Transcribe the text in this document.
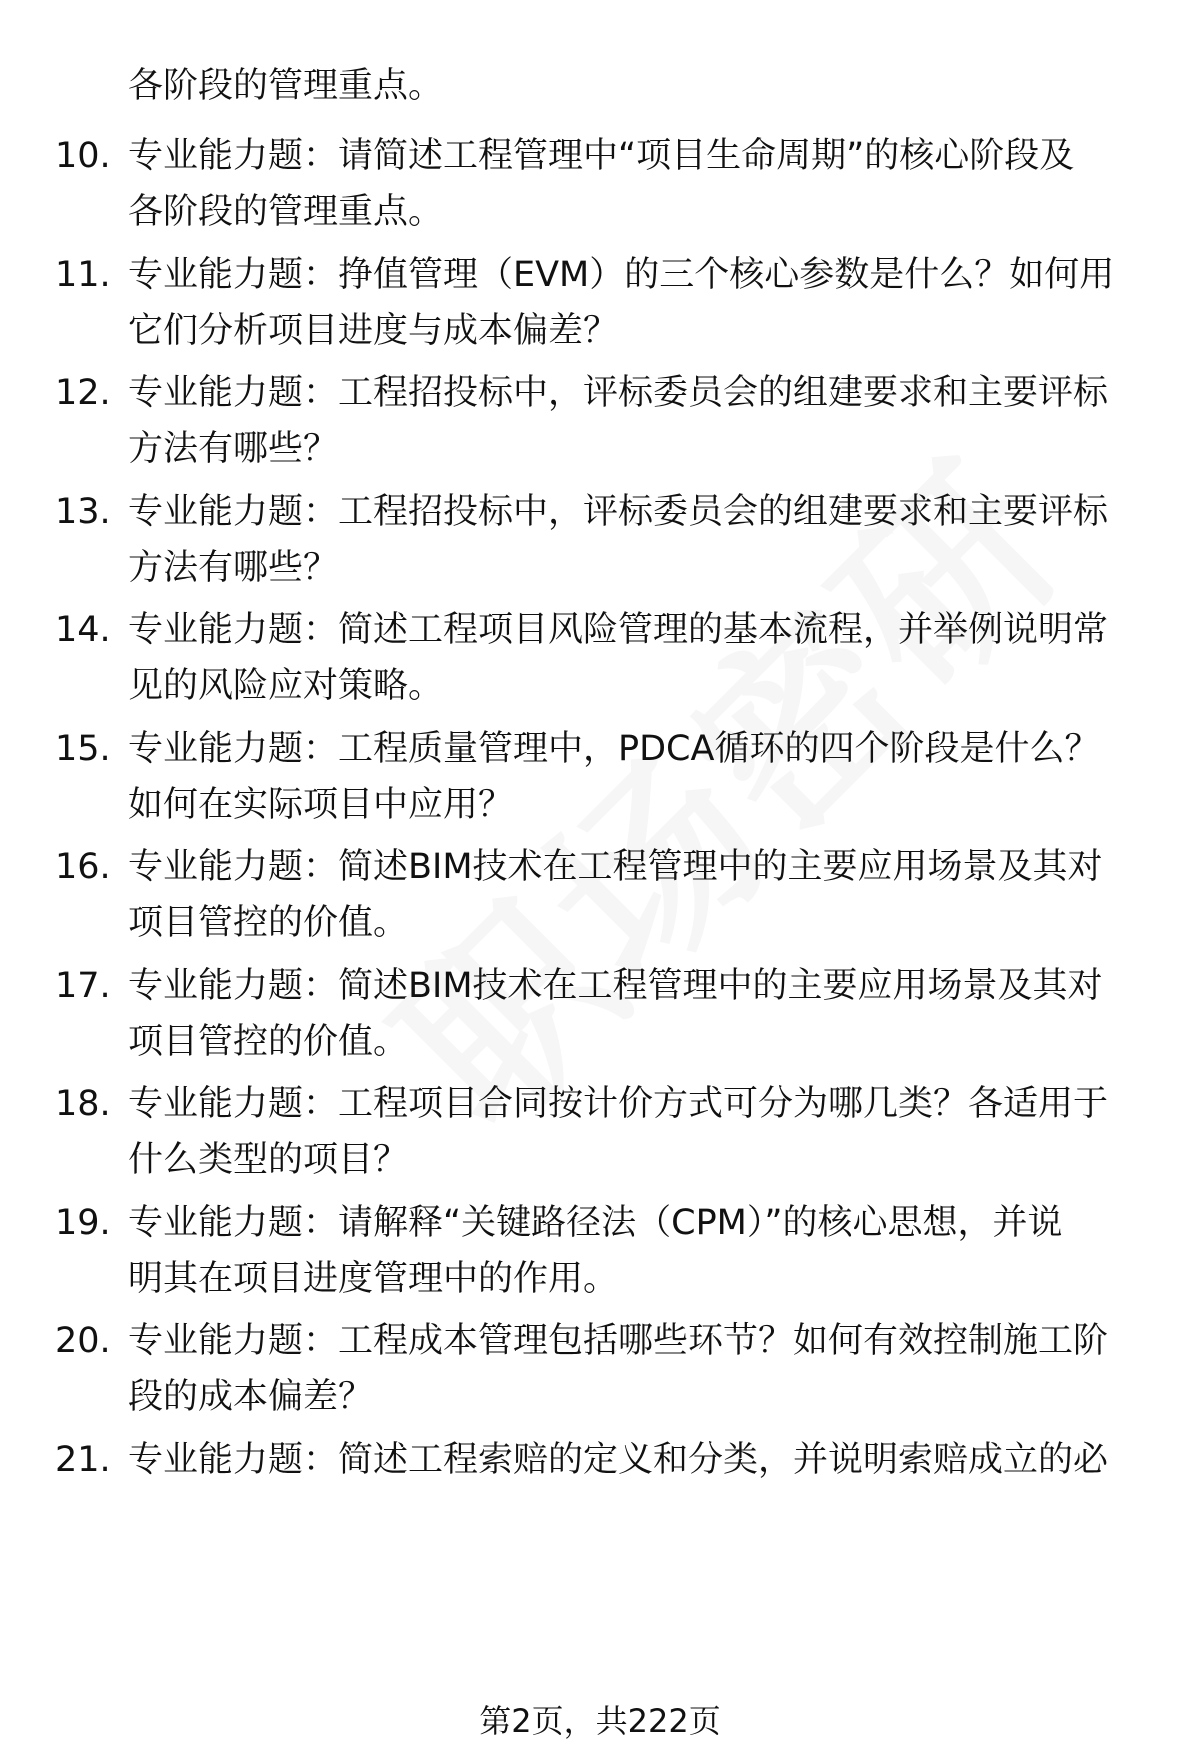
各阶段的管理重点。

10. 专业能力题：请简述工程管理中“项目生命周期”的核心阶段及
各阶段的管理重点。
11. 专业能力题：挣值管理（EVM）的三个核心参数是什么？如何用
它们分析项目进度与成本偏差？
12. 专业能力题：工程招投标中，评标委员会的组建要求和主要评标
方法有哪些？
13. 专业能力题：工程招投标中，评标委员会的组建要求和主要评标
方法有哪些？
14. 专业能力题：简述工程项目风险管理的基本流程，并举例说明常
见的风险应对策略。
15. 专业能力题：工程质量管理中，PDCA循环的四个阶段是什么？
如何在实际项目中应用？
16. 专业能力题：简述BIM技术在工程管理中的主要应用场景及其对
项目管控的价值。
17. 专业能力题：简述BIM技术在工程管理中的主要应用场景及其对
项目管控的价值。
18. 专业能力题：工程项目合同按计价方式可分为哪几类？各适用于
什么类型的项目？
19. 专业能力题：请解释“关键路径法（CPM）”的核心思想，并说
明其在项目进度管理中的作用。
20. 专业能力题：工程成本管理包括哪些环节？如何有效控制施工阶
段的成本偏差？
21. 专业能力题：简述工程索赔的定义和分类，并说明索赔成立的必
第2页，共222页
